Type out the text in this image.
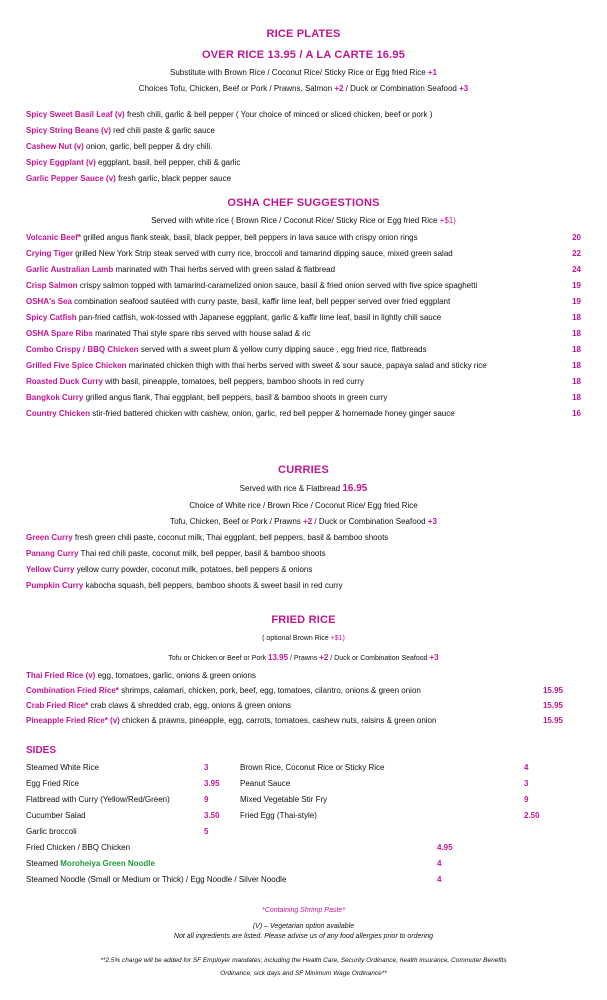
RICE PLATES
OVER RICE 13.95 / A LA CARTE 16.95
Substitute with Brown Rice / Coconut Rice/ Sticky Rice or Egg fried Rice +1
Choices Tofu, Chicken, Beef or Pork / Prawns, Salmon +2 / Duck or Combination Seafood +3
Spicy Sweet Basil Leaf (v) fresh chili, garlic & bell pepper ( Your choice of minced or sliced chicken, beef or pork )
Spicy String Beans (v) red chili paste & garlic sauce
Cashew Nut (v) onion, garlic, bell pepper & dry chili.
Spicy Eggplant (v) eggplant, basil, bell pepper, chili & garlic
Garlic Pepper Sauce (v) fresh garlic, black pepper sauce
OSHA CHEF SUGGESTIONS
Served with white rice ( Brown Rice / Coconut Rice/ Sticky Rice or Egg fried Rice +$1)
Volcanic Beef* grilled angus flank steak, basil, black pepper, bell peppers in lava sauce with crispy onion rings	20
Crying Tiger grilled New York Strip steak served with curry rice, broccoli and tamarind dipping sauce, mixed green salad	22
Garlic Australian Lamb marinated with Thai herbs served with green salad & flatbread	24
Crisp Salmon crispy salmon topped with tamarind-caramelized onion sauce, basil & fried onion served with five spice spaghetti	19
OSHA's Sea combination seafood sautéed with curry paste, basil, kaffir lime leaf, bell pepper served over fried eggplant	19
Spicy Catfish pan-fried catfish, wok-tossed with Japanese eggplant, garlic & kaffir lime leaf, basil in lightly chili sauce	18
OSHA Spare Ribs marinated Thai style spare ribs served with house salad & ric	18
Combo Crispy / BBQ Chicken served with a sweet plum & yellow curry dipping sauce , egg fried rice, flatbreads	18
Grilled Five Spice Chicken marinated chicken thigh with thai herbs served with sweet & sour sauce, papaya salad and sticky rice	18
Roasted Duck Curry with basil, pineapple, tomatoes, bell peppers, bamboo shoots in red curry	18
Bangkok Curry grilled angus flank, Thai eggplant, bell peppers, basil & bamboo shoots in green curry	18
Country Chicken stir-fried battered chicken with cashew, onion, garlic, red bell pepper & homemade honey ginger sauce	16
CURRIES
Served with rice & Flatbread 16.95
Choice of White rice / Brown Rice / Coconut Rice/ Egg fried Rice
Tofu, Chicken, Beef or Pork / Prawns +2 / Duck or Combination Seafood +3
Green Curry fresh green chili paste, coconut milk, Thai eggplant, bell peppers, basil & bamboo shoots
Panang Curry Thai red chili paste, coconut milk, bell pepper, basil & bamboo shoots
Yellow Curry yellow curry powder, coconut milk, potatoes, bell peppers & onions
Pumpkin Curry kabocha squash, bell peppers, bamboo shoots & sweet basil in red curry
FRIED RICE
( optional Brown Rice +$1)
Tofu or Chicken or Beef or Pork 13.95 / Prawns +2 / Duck or Combination Seafood +3
Thai Fried Rice (v) egg, tomatoes, garlic, onions & green onions
Combination Fried Rice* shrimps, calamari, chicken, pork, beef, egg, tomatoes, cilantro, onions & green onion	15.95
Crab Fried Rice* crab claws & shredded crab, egg, onions & green onions	15.95
Pineapple Fried Rice* (v) chicken & prawns, pineapple, egg, carrots, tomatoes, cashew nuts, raisins & green onion	15.95
SIDES
Steamed White Rice	3
Egg Fried Rice	3.95
Flatbread with Curry (Yellow/Red/Green)	9
Cucumber Salad	3.50
Garlic broccoli	5
Brown Rice, Coconut Rice or Sticky Rice	4
Peanut Sauce	3
Mixed Vegetable Stir Fry	9
Fried Egg (Thai-style)	2.50
Fried Chicken / BBQ Chicken	4.95
Steamed Moroheiya Green Noodle	4
Steamed Noodle (Small or Medium or Thick) / Egg Noodle / Silver Noodle	4
*Containing Shrimp Paste*
(V) – Vegetarian option available
Not all ingredients are listed. Please advise us of any food allergies prior to ordering
**2.5% charge will be added for SF Employer mandates; including the Health Care, Security Ordinance, health insurance, Commuter Benefits
Ordinance, sick days and SF Minimum Wage Ordinance**
